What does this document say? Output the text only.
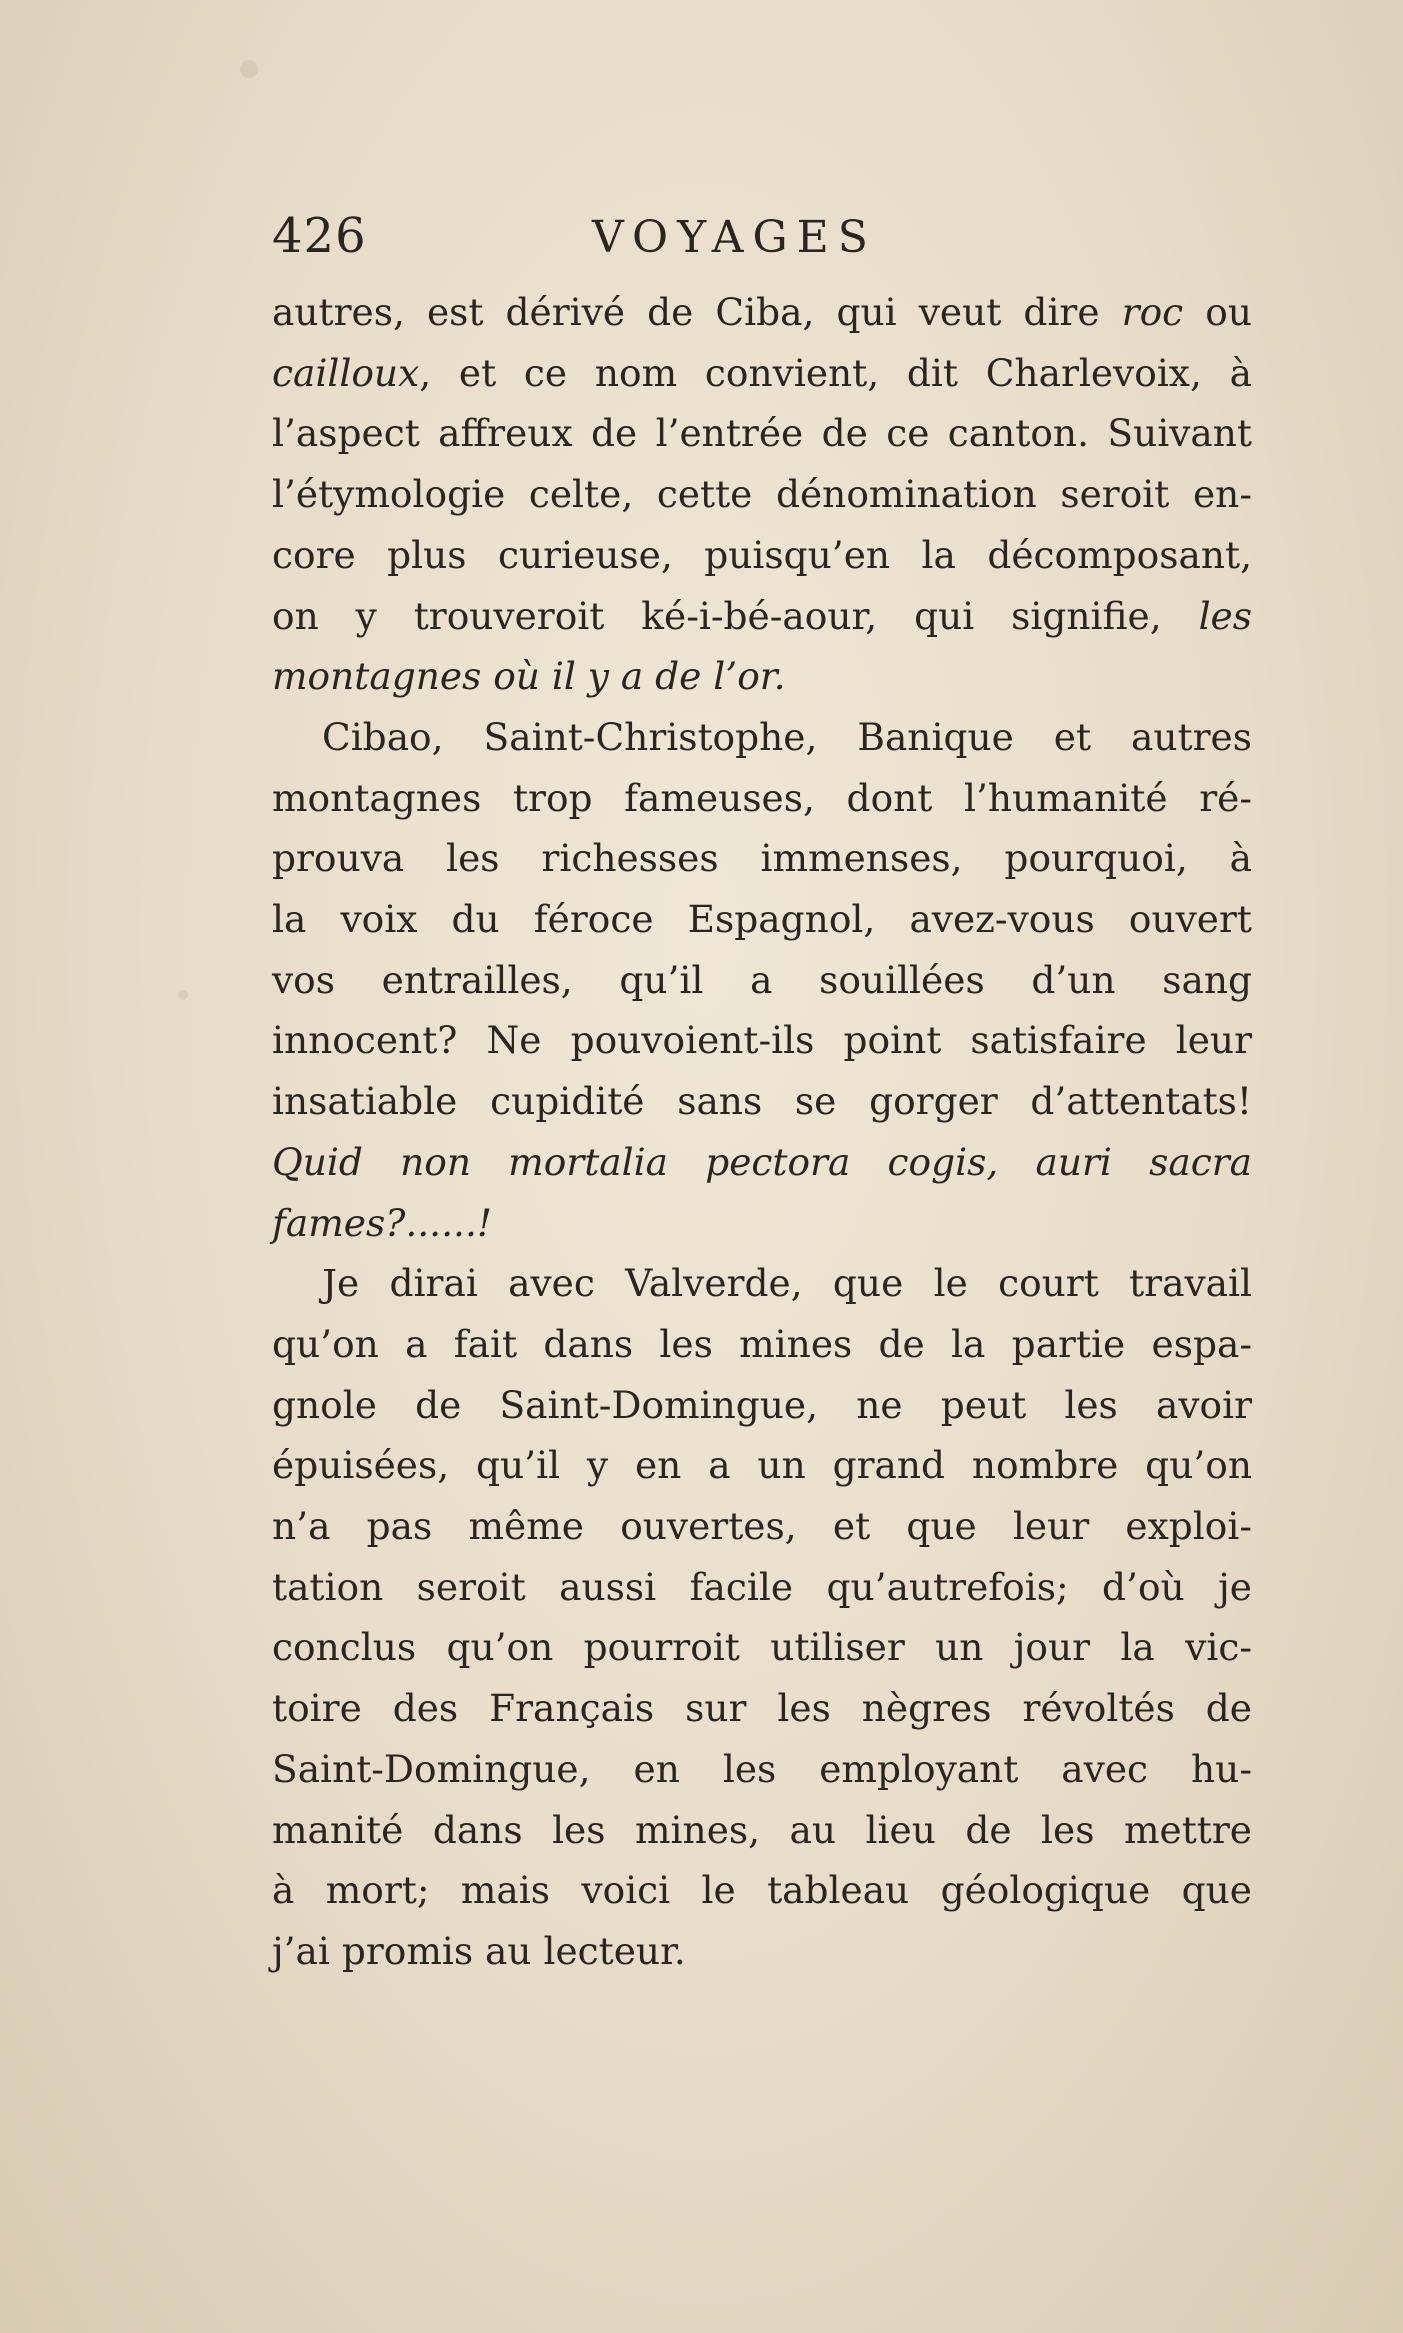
426	VOYAGES
autres, est dérivé de Ciba, qui veut dire roc ou
cailloux, et ce nom convient, dit Charlevoix, à
l’aspect affreux de l’entrée de ce canton. Suivant
l’étymologie celte, cette dénomination seroit en-
core plus curieuse, puisqu’en la décomposant,
on y trouveroit ké-i-bé-aour, qui signifie, les
montagnes où il y a de l’or.
Cibao, Saint-Christophe, Banique et autres
montagnes trop fameuses, dont l’humanité ré-
prouva les richesses immenses, pourquoi, à
la voix du féroce Espagnol, avez-vous ouvert
vos entrailles, qu’il a souillées d’un sang
innocent? Ne pouvoient-ils point satisfaire leur
insatiable cupidité sans se gorger d’attentats!
Quid non mortalia pectora cogis, auri sacra
fames?......!
Je dirai avec Valverde, que le court travail
qu’on a fait dans les mines de la partie espa-
gnole de Saint-Domingue, ne peut les avoir
épuisées, qu’il y en a un grand nombre qu’on
n’a pas même ouvertes, et que leur exploi-
tation seroit aussi facile qu’autrefois; d’où je
conclus qu’on pourroit utiliser un jour la vic-
toire des Français sur les nègres révoltés de
Saint-Domingue, en les employant avec hu-
manité dans les mines, au lieu de les mettre
à mort; mais voici le tableau géologique que
j’ai promis au lecteur.
